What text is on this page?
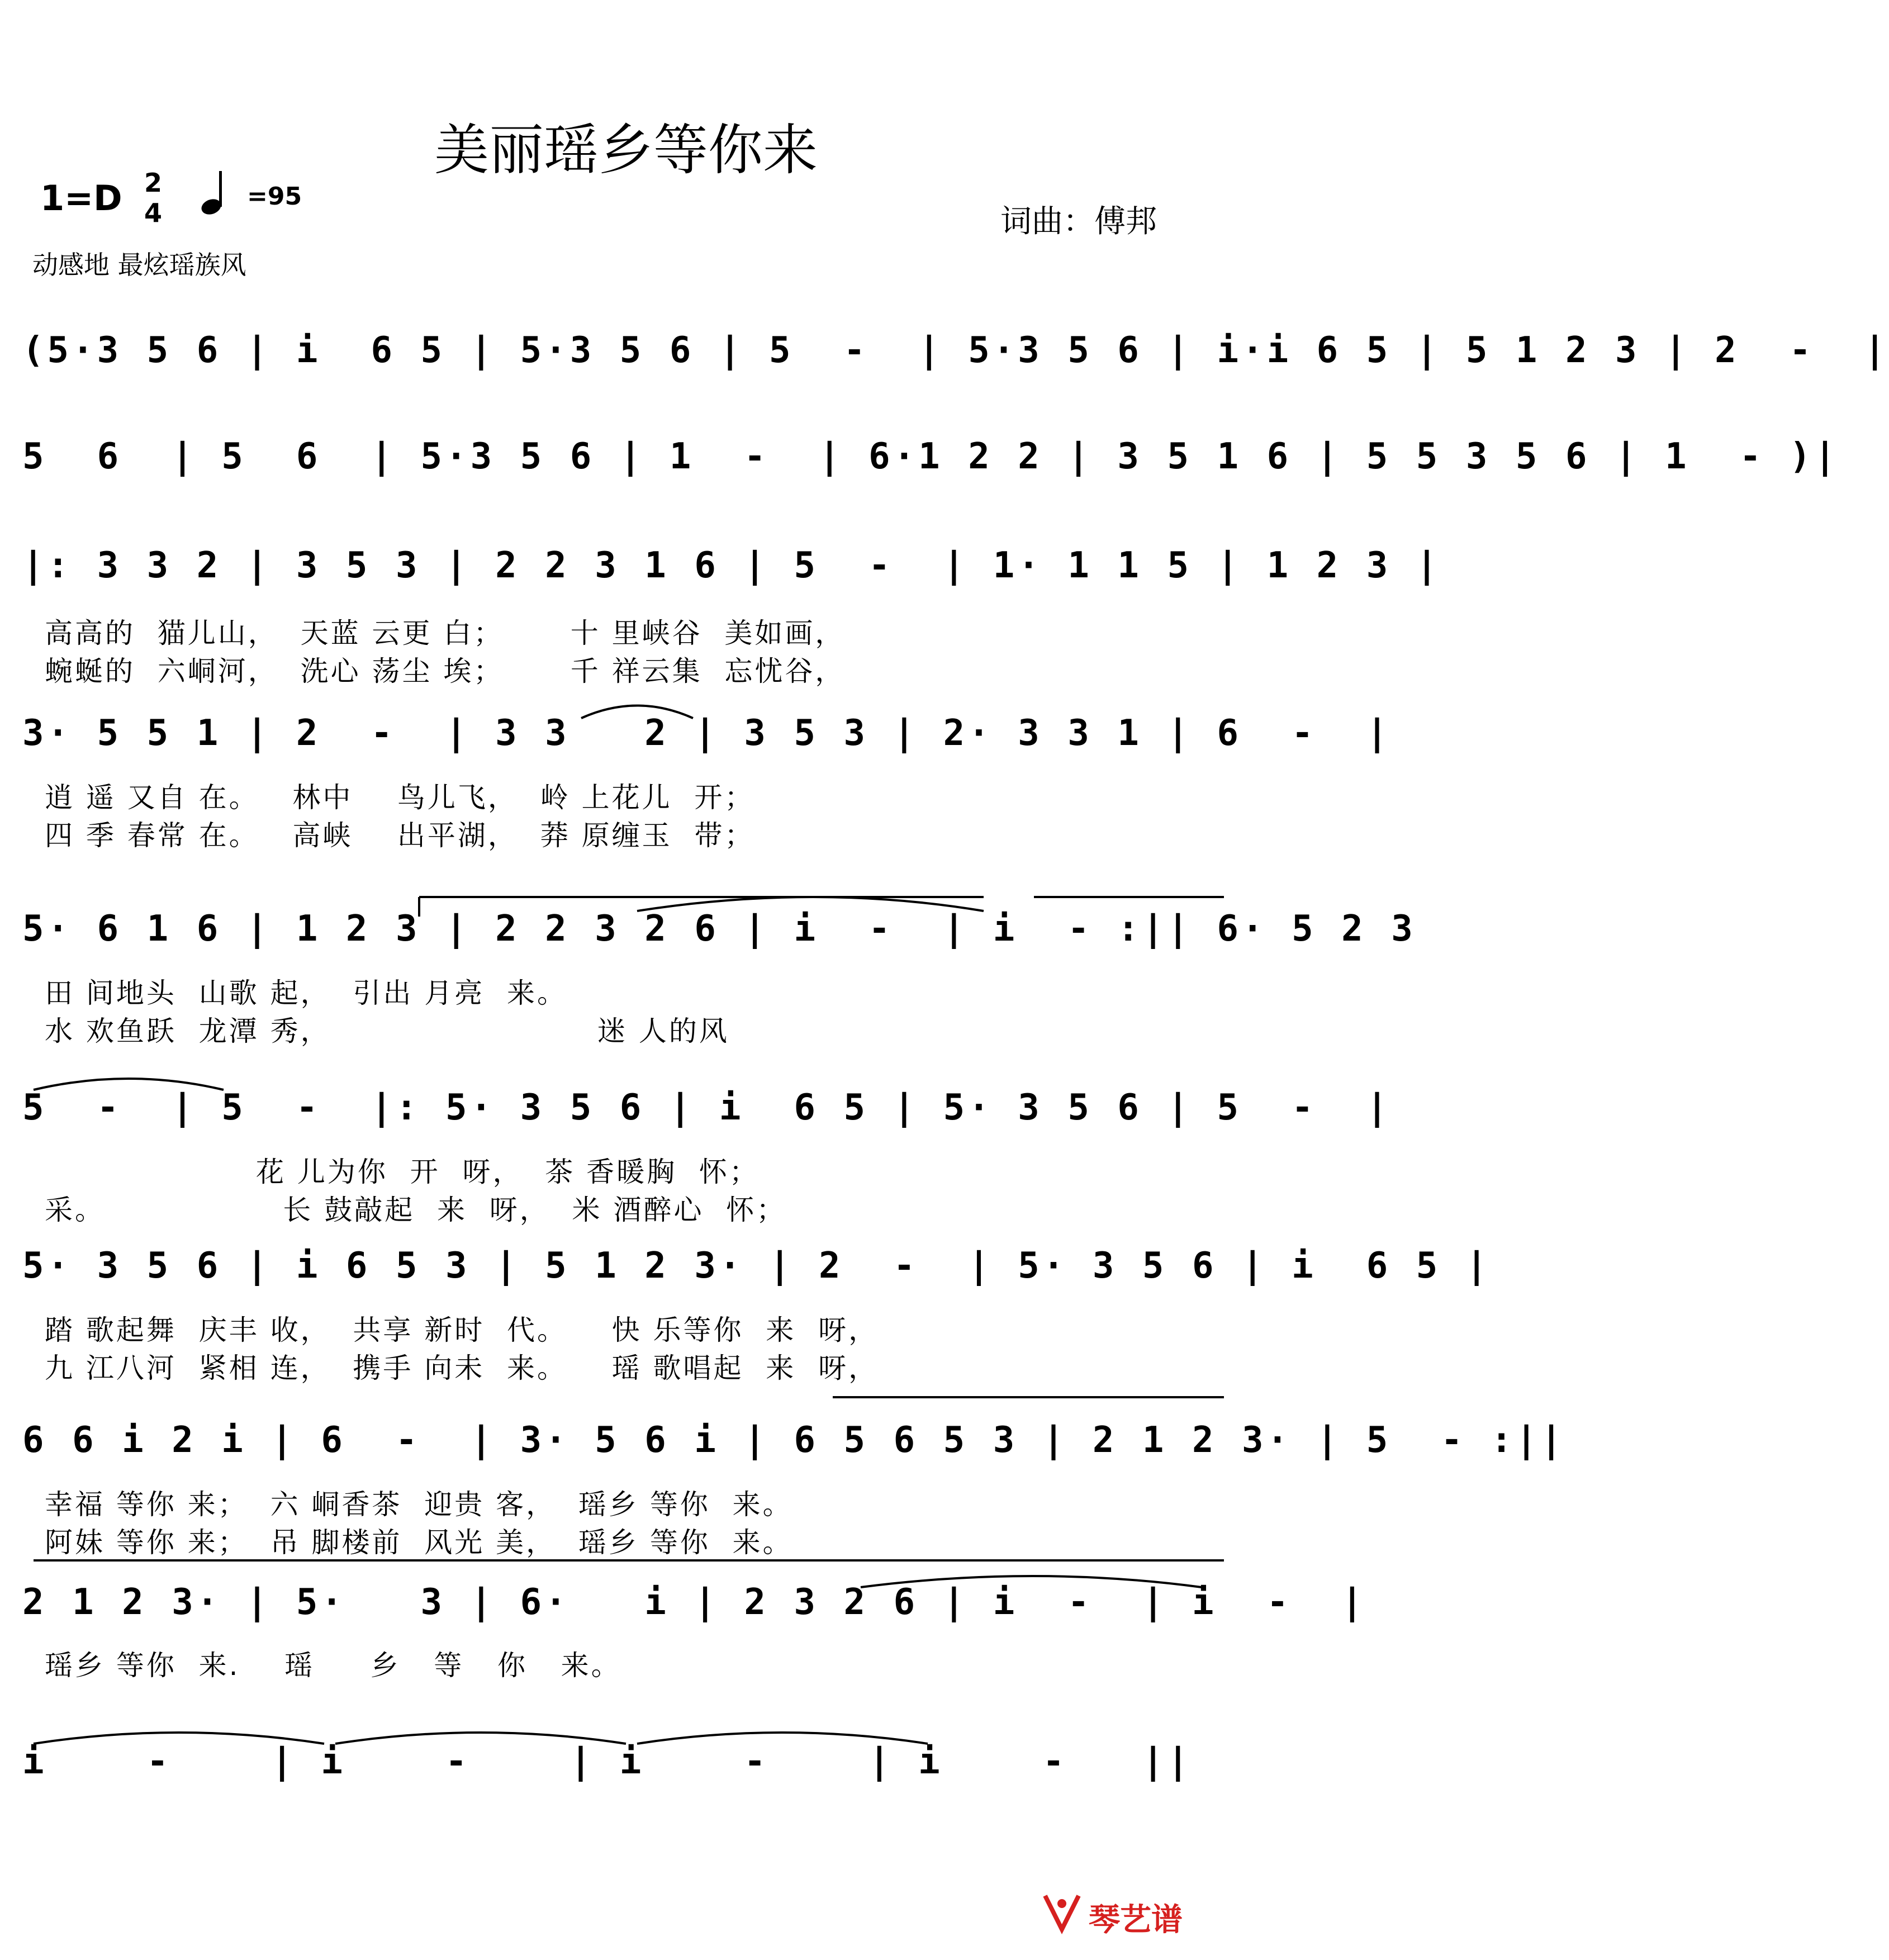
美丽瑶乡等你来
1=D 2
4
=95
动感地 最炫瑶族风
词曲：傅邦
(5·3 5 6 | i  6 5 | 5·3 5 6 | 5  -  | 5·3 5 6 | i·i 6 5 | 5 1 2 3 | 2  -  |
5  6  | 5  6  | 5·3 5 6 | 1  -  | 6·1 2 2 | 3 5 1 6 | 5 5 3 5 6 | 1  - )|
|: 3 3 2 | 3 5 3 | 2 2 3 1 6 | 5  -  | 1· 1 1 5 | 1 2 3 |
高高的  猫儿山，  天蓝 云更 白；      十 里峡谷  美如画，
蜿蜒的  六峒河，  洗心 荡尘 埃；      千 祥云集  忘忧谷，
3· 5 5 1 | 2  -  | 3 3   2 | 3 5 3 | 2· 3 3 1 | 6  -  |
逍 遥 又自 在。   林中    鸟儿飞，  岭 上花儿  开；
四 季 春常 在。   高峡    出平湖，  莽 原缠玉  带；
5· 6 1 6 | 1 2 3 | 2 2 3 2 6 | i  -  | i  - :|| 6· 5 2 3
田 间地头  山歌 起，  引出 月亮  来。
水 欢鱼跃  龙潭 秀，                        迷 人的风
5  -  | 5  -  |: 5· 3 5 6 | i  6 5 | 5· 3 5 6 | 5  -  |
花 儿为你  开  呀，  茶 香暖胸  怀；
采。                长 鼓敲起  来  呀，  米 酒醉心  怀；
5· 3 5 6 | i 6 5 3 | 5 1 2 3· | 2  -  | 5· 3 5 6 | i  6 5 |
踏 歌起舞  庆丰 收，  共享 新时  代。    快 乐等你  来  呀，
九 江八河  紧相 连，  携手 向未  来。    瑶 歌唱起  来  呀，
6 6 i 2 i | 6  -  | 3· 5 6 i | 6 5 6 5 3 | 2 1 2 3· | 5  - :||
幸福 等你 来；  六 峒香茶  迎贵 客，  瑶乡 等你  来。
阿妹 等你 来；  吊 脚楼前  风光 美，  瑶乡 等你  来。
2 1 2 3· | 5·   3 | 6·   i | 2 3 2 6 | i  -  | i  -  |
瑶乡 等你  来.    瑶     乡   等   你   来。
i    -    | i    -    | i    -    | i    -   ||
琴艺谱
